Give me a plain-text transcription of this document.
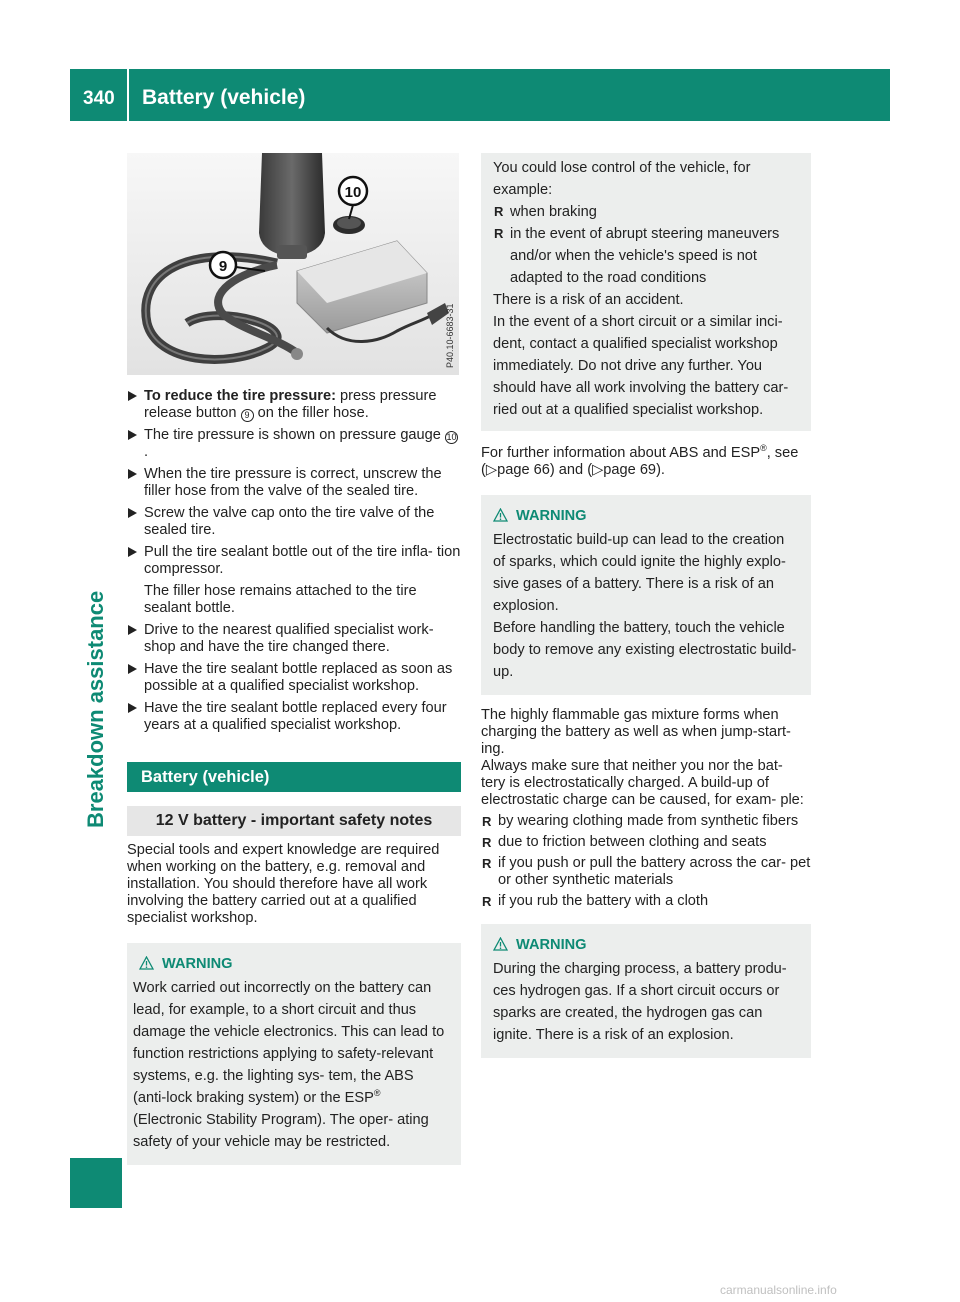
340 Battery (vehicle)
Breakdown assistance
10
9
P40.10-6683-31
To reduce the tire pressure: press pressure release button 9 on the filler hose.
The tire pressure is shown on pressure gauge 10.
When the tire pressure is correct, unscrew the filler hose from the valve of the sealed tire.
Screw the valve cap onto the tire valve of the sealed tire.
Pull the tire sealant bottle out of the tire infla- tion compressor.
The filler hose remains attached to the tire sealant bottle.
Drive to the nearest qualified specialist work- shop and have the tire changed there.
Have the tire sealant bottle replaced as soon as possible at a qualified specialist workshop.
Have the tire sealant bottle replaced every four years at a qualified specialist workshop.
Battery (vehicle)
12 V battery - important safety notes
Special tools and expert knowledge are required when working on the battery, e.g. removal and installation. You should therefore have all work involving the battery carried out at a qualified specialist workshop.
WARNING

Work carried out incorrectly on the battery can lead, for example, to a short circuit and thus damage the vehicle electronics. This can lead to function restrictions applying to safety-relevant systems, e.g. the lighting sys- tem, the ABS (anti-lock braking system) or the ESP® (Electronic Stability Program). The oper- ating safety of your vehicle may be restricted.

You could lose control of the vehicle, for example:

R when braking
R in the event of abrupt steering maneuvers and/or when the vehicle's speed is not adapted to the road conditions

There is a risk of an accident.

In the event of a short circuit or a similar inci- dent, contact a qualified specialist workshop immediately. Do not drive any further. You should have all work involving the battery car- ried out at a qualified specialist workshop.

For further information about ABS and ESP®, see (▷page 66) and (▷page 69).
WARNING

Electrostatic build-up can lead to the creation of sparks, which could ignite the highly explo- sive gases of a battery. There is a risk of an explosion.

Before handling the battery, touch the vehicle body to remove any existing electrostatic build-up.

The highly flammable gas mixture forms when charging the battery as well as when jump-start- ing.
Always make sure that neither you nor the bat- tery is electrostatically charged. A build-up of electrostatic charge can be caused, for exam- ple:
R by wearing clothing made from synthetic fibers
R due to friction between clothing and seats
R if you push or pull the battery across the car- pet or other synthetic materials
R if you rub the battery with a cloth
WARNING

During the charging process, a battery produ- ces hydrogen gas. If a short circuit occurs or sparks are created, the hydrogen gas can ignite. There is a risk of an explosion.

carmanualsonline.info
